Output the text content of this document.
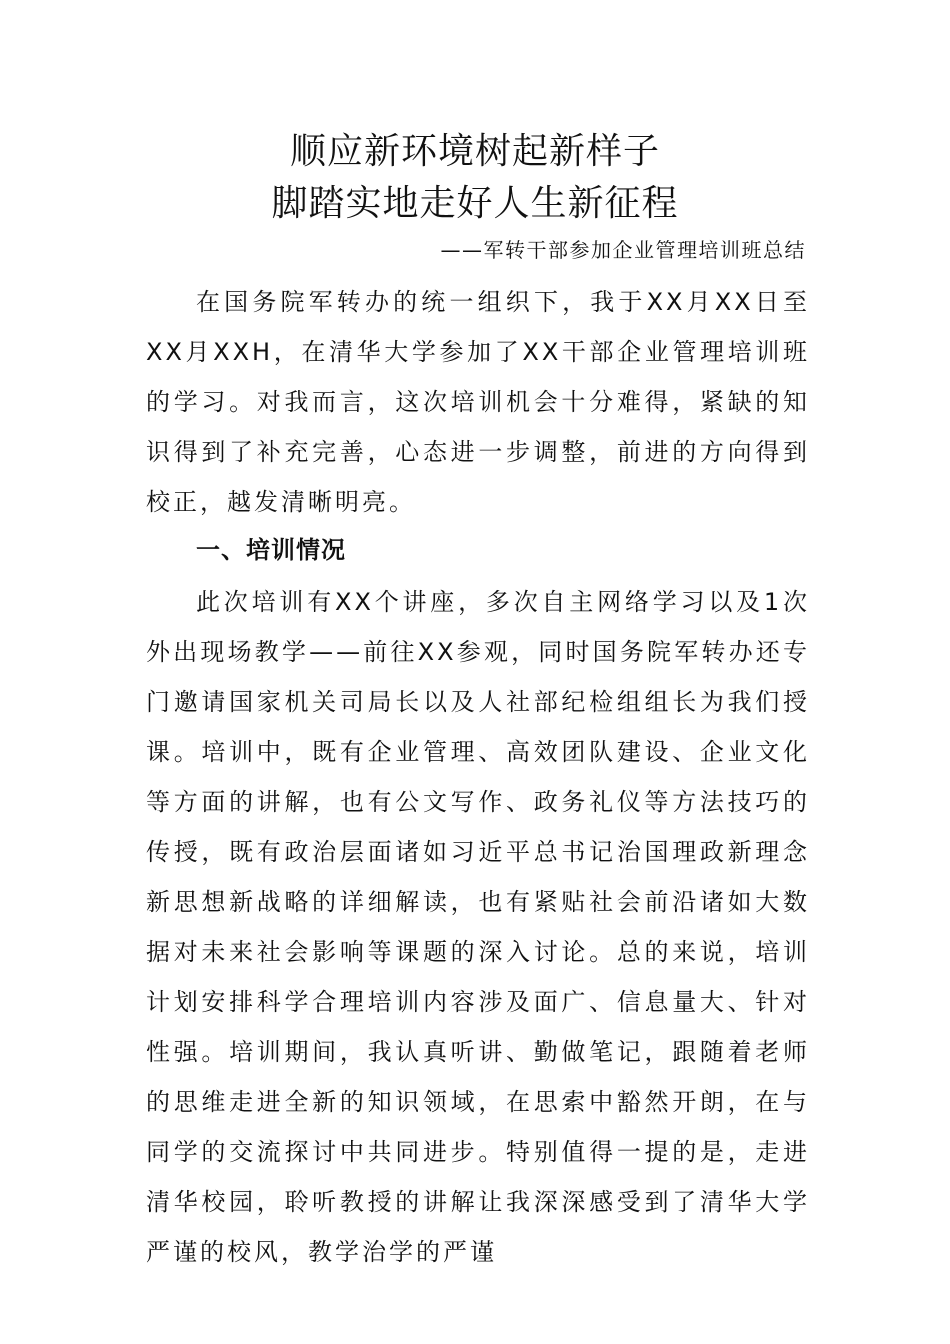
顺应新环境树起新样子
脚踏实地走好人生新征程
——军转干部参加企业管理培训班总结

在国务院军转办的统一组织下，我于XX月XX日至XX月XXH，在清华大学参加了XX干部企业管理培训班的学习。对我而言，这次培训机会十分难得，紧缺的知识得到了补充完善，心态进一步调整，前进的方向得到校正，越发清晰明亮。

一、培训情况

此次培训有XX个讲座，多次自主网络学习以及1次外出现场教学——前往XX参观，同时国务院军转办还专门邀请国家机关司局长以及人社部纪检组组长为我们授课。培训中，既有企业管理、高效团队建设、企业文化等方面的讲解，也有公文写作、政务礼仪等方法技巧的传授，既有政治层面诸如习近平总书记治国理政新理念新思想新战略的详细解读，也有紧贴社会前沿诸如大数据对未来社会影响等课题的深入讨论。总的来说，培训计划安排科学合理培训内容涉及面广、信息量大、针对性强。培训期间，我认真听讲、勤做笔记，跟随着老师的思维走进全新的知识领域，在思索中豁然开朗，在与同学的交流探讨中共同进步。特别值得一提的是，走进清华校园，聆听教授的讲解让我深深感受到了清华大学严谨的校风，教学治学的严谨
